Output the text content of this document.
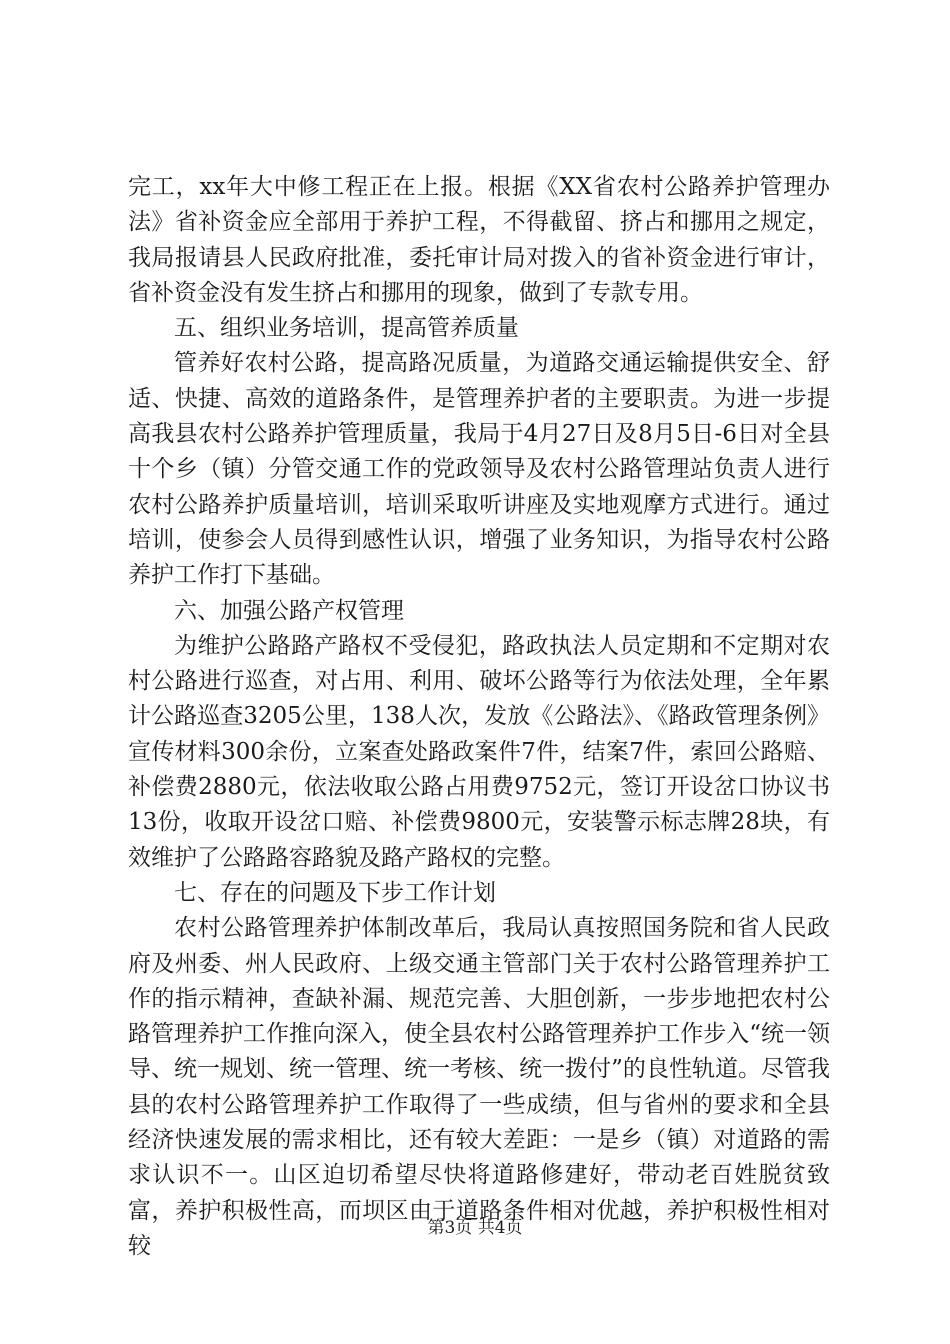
完工，xx年大中修工程正在上报。根据《XX省农村公路养护管理办法》省补资金应全部用于养护工程，不得截留、挤占和挪用之规定，我局报请县人民政府批准，委托审计局对拨入的省补资金进行审计，省补资金没有发生挤占和挪用的现象，做到了专款专用。

五、组织业务培训，提高管养质量

管养好农村公路，提高路况质量，为道路交通运输提供安全、舒适、快捷、高效的道路条件，是管理养护者的主要职责。为进一步提高我县农村公路养护管理质量，我局于4月27日及8月5日-6日对全县十个乡（镇）分管交通工作的党政领导及农村公路管理站负责人进行农村公路养护质量培训，培训采取听讲座及实地观摩方式进行。通过培训，使参会人员得到感性认识，增强了业务知识，为指导农村公路养护工作打下基础。

六、加强公路产权管理

为维护公路路产路权不受侵犯，路政执法人员定期和不定期对农村公路进行巡查，对占用、利用、破坏公路等行为依法处理，全年累计公路巡查3205公里，138人次，发放《公路法》、《路政管理条例》宣传材料300余份，立案查处路政案件7件，结案7件，索回公路赔、补偿费2880元，依法收取公路占用费9752元，签订开设岔口协议书13份，收取开设岔口赔、补偿费9800元，安装警示标志牌28块，有效维护了公路路容路貌及路产路权的完整。

七、存在的问题及下步工作计划

农村公路管理养护体制改革后，我局认真按照国务院和省人民政府及州委、州人民政府、上级交通主管部门关于农村公路管理养护工作的指示精神，查缺补漏、规范完善、大胆创新，一步步地把农村公路管理养护工作推向深入，使全县农村公路管理养护工作步入“统一领导、统一规划、统一管理、统一考核、统一拨付”的良性轨道。尽管我县的农村公路管理养护工作取得了一些成绩，但与省州的要求和全县经济快速发展的需求相比，还有较大差距：一是乡（镇）对道路的需求认识不一。山区迫切希望尽快将道路修建好，带动老百姓脱贫致富，养护积极性高，而坝区由于道路条件相对优越，养护积极性相对较

第3页 共4页
